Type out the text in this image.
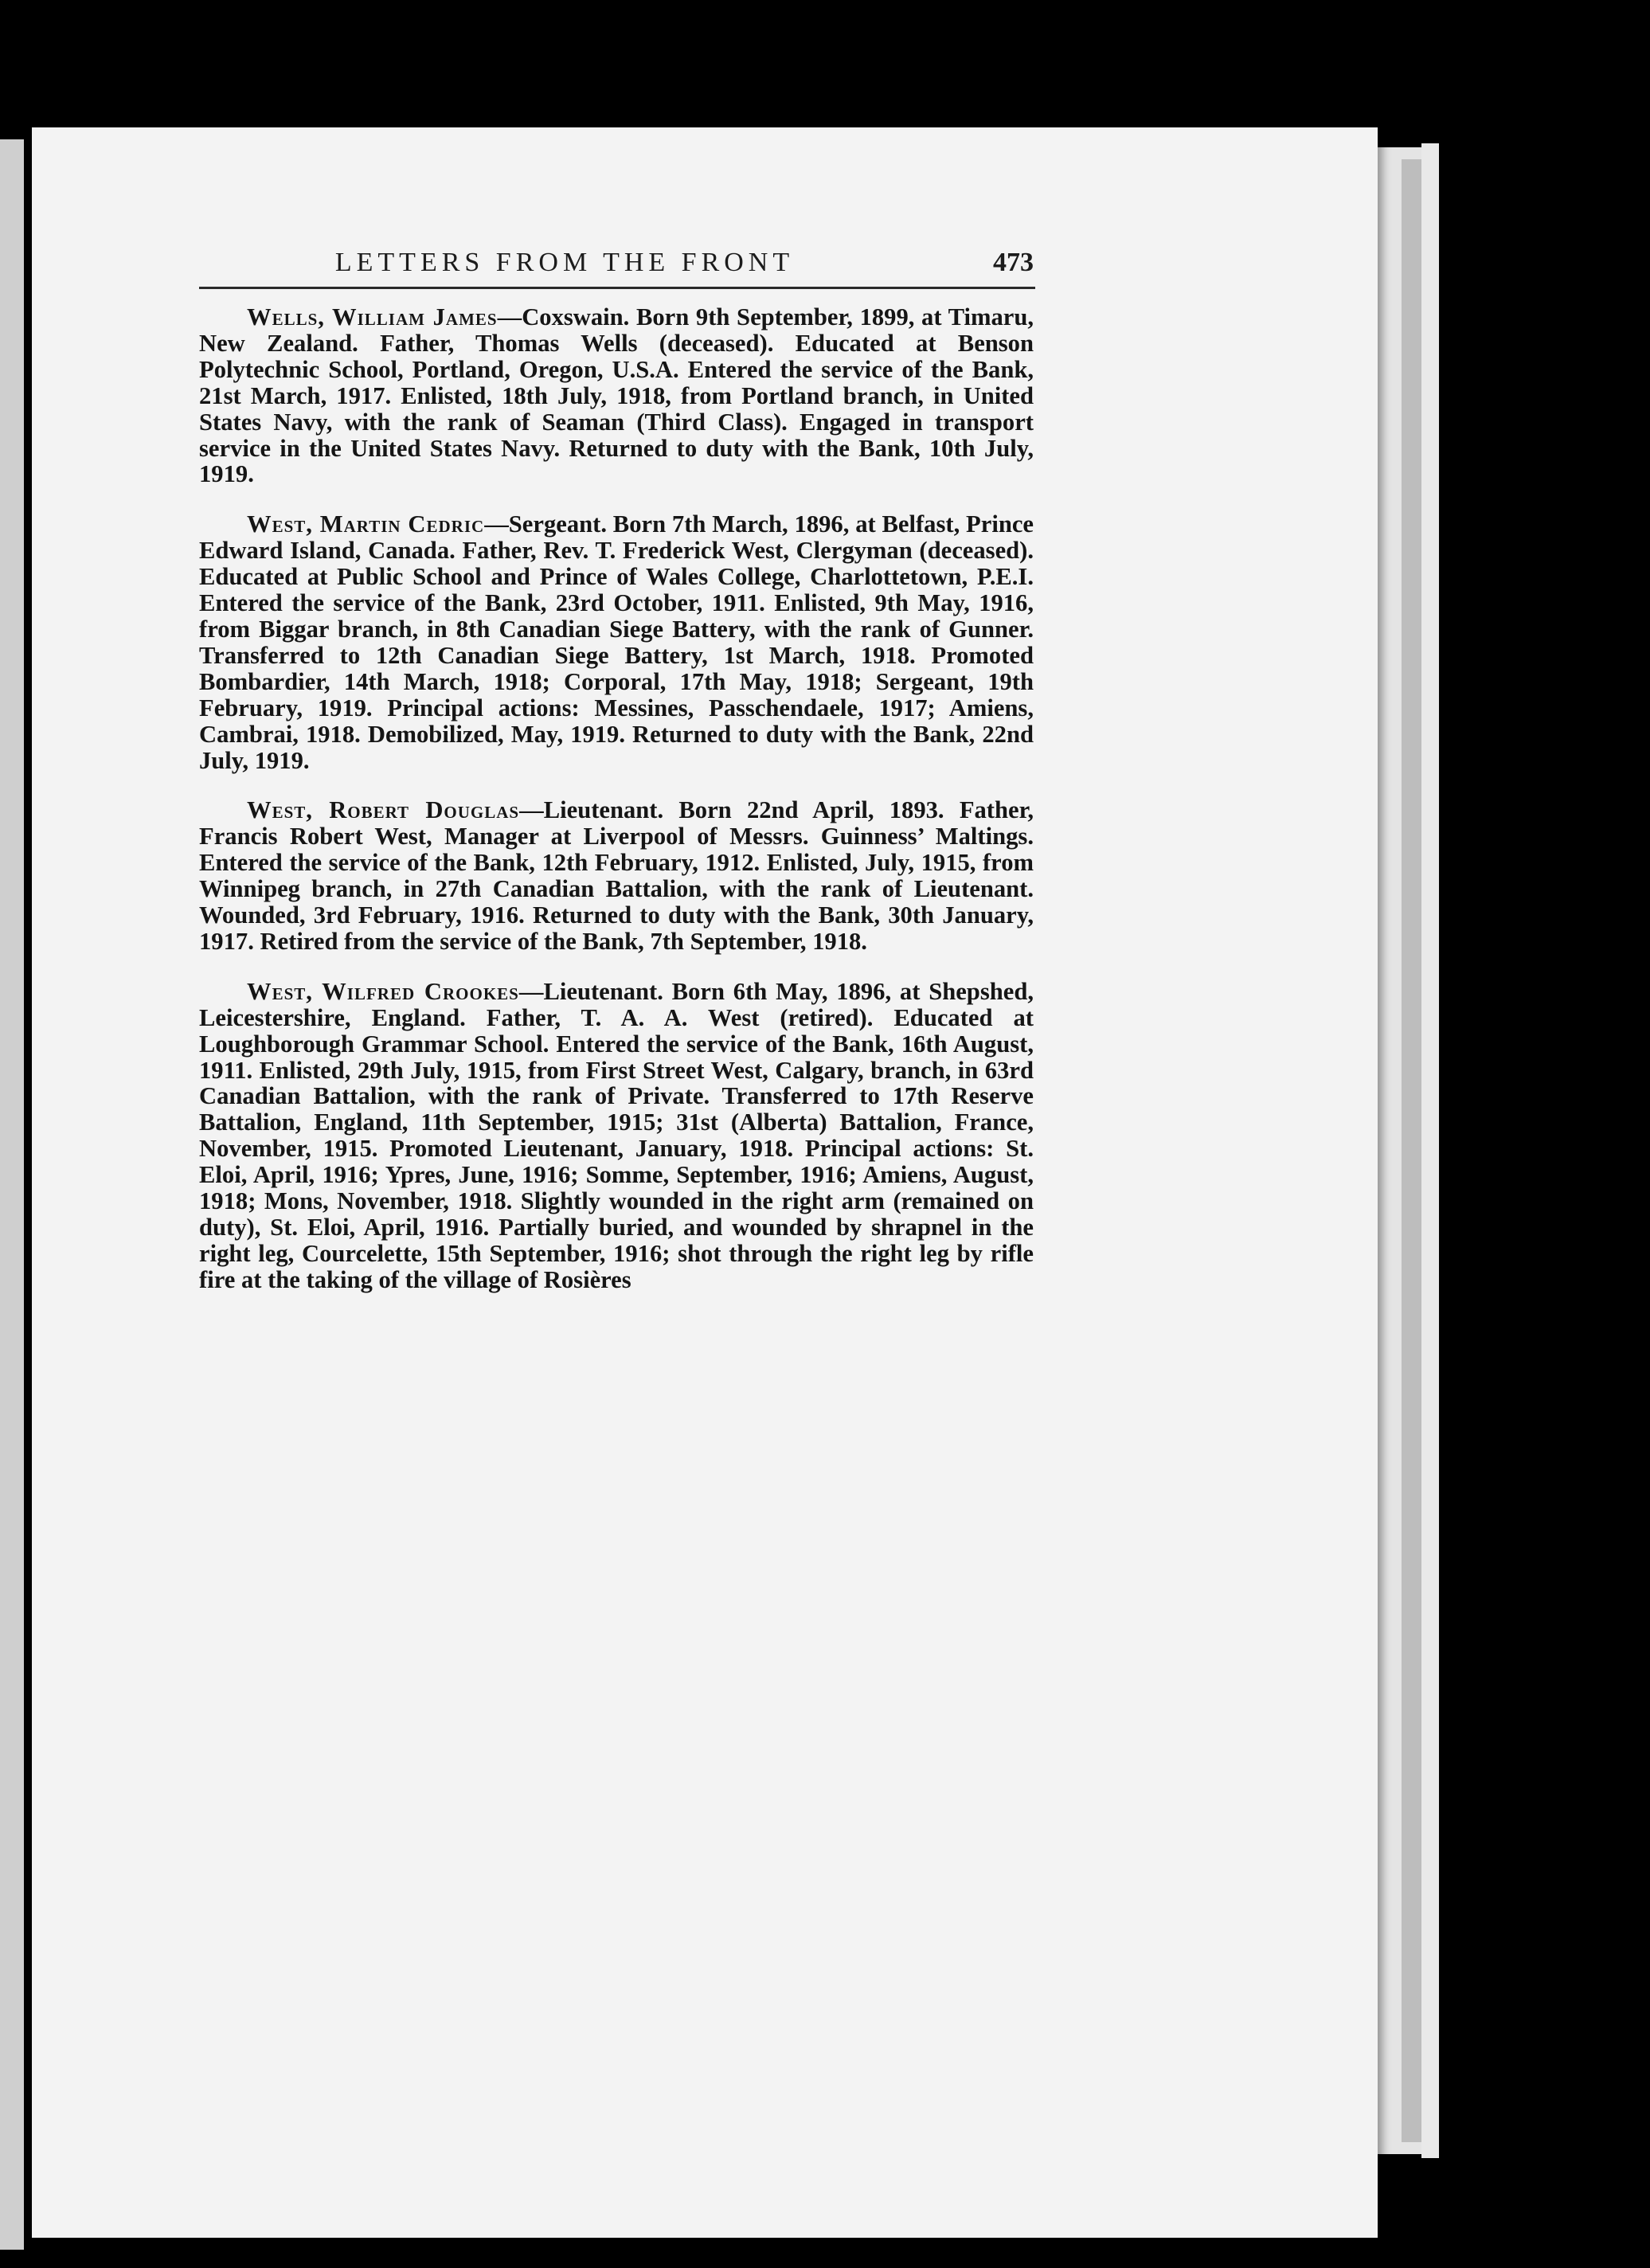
LETTERS FROM THE FRONT	473

Wells, William James—Coxswain. Born 9th September, 1899, at Timaru, New Zealand. Father, Thomas Wells (deceased). Educated at Benson Polytechnic School, Portland, Oregon, U.S.A. Entered the service of the Bank, 21st March, 1917. Enlisted, 18th July, 1918, from Portland branch, in United States Navy, with the rank of Seaman (Third Class). Engaged in transport service in the United States Navy. Returned to duty with the Bank, 10th July, 1919.

West, Martin Cedric—Sergeant. Born 7th March, 1896, at Belfast, Prince Edward Island, Canada. Father, Rev. T. Frederick West, Clergyman (deceased). Educated at Public School and Prince of Wales College, Charlottetown, P.E.I. Entered the service of the Bank, 23rd October, 1911. Enlisted, 9th May, 1916, from Biggar branch, in 8th Canadian Siege Battery, with the rank of Gunner. Transferred to 12th Canadian Siege Battery, 1st March, 1918. Promoted Bombardier, 14th March, 1918; Corporal, 17th May, 1918; Sergeant, 19th February, 1919. Principal actions: Messines, Passchendaele, 1917; Amiens, Cambrai, 1918. Demobilized, May, 1919. Returned to duty with the Bank, 22nd July, 1919.

West, Robert Douglas—Lieutenant. Born 22nd April, 1893. Father, Francis Robert West, Manager at Liverpool of Messrs. Guinness’ Maltings. Entered the service of the Bank, 12th February, 1912. Enlisted, July, 1915, from Winnipeg branch, in 27th Canadian Battalion, with the rank of Lieutenant. Wounded, 3rd February, 1916. Returned to duty with the Bank, 30th January, 1917. Retired from the service of the Bank, 7th September, 1918.

West, Wilfred Crookes—Lieutenant. Born 6th May, 1896, at Shepshed, Leicestershire, England. Father, T. A. A. West (retired). Educated at Loughborough Grammar School. Entered the service of the Bank, 16th August, 1911. Enlisted, 29th July, 1915, from First Street West, Calgary, branch, in 63rd Canadian Battalion, with the rank of Private. Transferred to 17th Reserve Battalion, England, 11th September, 1915; 31st (Alberta) Battalion, France, November, 1915. Promoted Lieutenant, January, 1918. Principal actions: St. Eloi, April, 1916; Ypres, June, 1916; Somme, September, 1916; Amiens, August, 1918; Mons, November, 1918. Slightly wounded in the right arm (remained on duty), St. Eloi, April, 1916. Partially buried, and wounded by shrapnel in the right leg, Courcelette, 15th September, 1916; shot through the right leg by rifle fire at the taking of the village of Rosières
